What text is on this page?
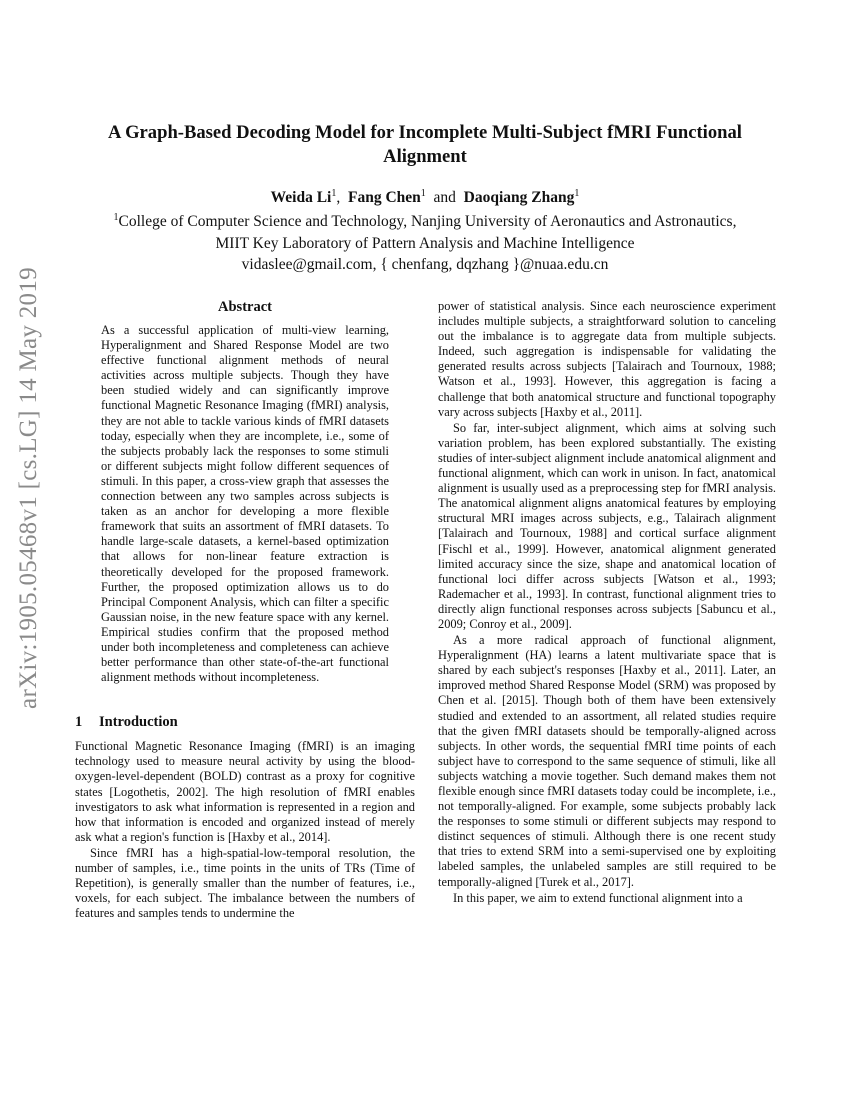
arXiv:1905.05468v1 [cs.LG] 14 May 2019
A Graph-Based Decoding Model for Incomplete Multi-Subject fMRI Functional Alignment
Weida Li$^1$,  Fang Chen$^1$  and  Daoqiang Zhang$^1$
$^1$College of Computer Science and Technology, Nanjing University of Aeronautics and Astronautics,
MIIT Key Laboratory of Pattern Analysis and Machine Intelligence
vidaslee@gmail.com, { chenfang, dqzhang }@nuaa.edu.cn
Abstract

As a successful application of multi-view learning, Hyperalignment and Shared Response Model are two effective functional alignment methods of neural activities across multiple subjects. Though they have been studied widely and can significantly improve functional Magnetic Resonance Imaging (fMRI) analysis, they are not able to tackle various kinds of fMRI datasets today, especially when they are incomplete, i.e., some of the subjects probably lack the responses to some stimuli or different subjects might follow different sequences of stimuli. In this paper, a cross-view graph that assesses the connection between any two samples across subjects is taken as an anchor for developing a more flexible framework that suits an assortment of fMRI datasets. To handle large-scale datasets, a kernel-based optimization that allows for non-linear feature extraction is theoretically developed for the proposed framework. Further, the proposed optimization allows us to do Principal Component Analysis, which can filter a specific Gaussian noise, in the new feature space with any kernel. Empirical studies confirm that the proposed method under both incompleteness and completeness can achieve better performance than other state-of-the-art functional alignment methods without incompleteness.

1 Introduction

Functional Magnetic Resonance Imaging (fMRI) is an imaging technology used to measure neural activity by using the blood-oxygen-level-dependent (BOLD) contrast as a proxy for cognitive states [Logothetis, 2002]. The high resolution of fMRI enables investigators to ask what information is represented in a region and how that information is encoded and organized instead of merely ask what a region's function is [Haxby et al., 2014].

Since fMRI has a high-spatial-low-temporal resolution, the number of samples, i.e., time points in the units of TRs (Time of Repetition), is generally smaller than the number of features, i.e., voxels, for each subject. The imbalance between the numbers of features and samples tends to undermine the

power of statistical analysis. Since each neuroscience experiment includes multiple subjects, a straightforward solution to canceling out the imbalance is to aggregate data from multiple subjects. Indeed, such aggregation is indispensable for validating the generated results across subjects [Talairach and Tournoux, 1988; Watson et al., 1993]. However, this aggregation is facing a challenge that both anatomical structure and functional topography vary across subjects [Haxby et al., 2011].

So far, inter-subject alignment, which aims at solving such variation problem, has been explored substantially. The existing studies of inter-subject alignment include anatomical alignment and functional alignment, which can work in unison. In fact, anatomical alignment is usually used as a preprocessing step for fMRI analysis. The anatomical alignment aligns anatomical features by employing structural MRI images across subjects, e.g., Talairach alignment [Talairach and Tournoux, 1988] and cortical surface alignment [Fischl et al., 1999]. However, anatomical alignment generated limited accuracy since the size, shape and anatomical location of functional loci differ across subjects [Watson et al., 1993; Rademacher et al., 1993]. In contrast, functional alignment tries to directly align functional responses across subjects [Sabuncu et al., 2009; Conroy et al., 2009].

As a more radical approach of functional alignment, Hyperalignment (HA) learns a latent multivariate space that is shared by each subject's responses [Haxby et al., 2011]. Later, an improved method Shared Response Model (SRM) was proposed by Chen et al. [2015]. Though both of them have been extensively studied and extended to an assortment, all related studies require that the given fMRI datasets should be temporally-aligned across subjects. In other words, the sequential fMRI time points of each subject have to correspond to the same sequence of stimuli, like all subjects watching a movie together. Such demand makes them not flexible enough since fMRI datasets today could be incomplete, i.e., not temporally-aligned. For example, some subjects probably lack the responses to some stimuli or different subjects may respond to distinct sequences of stimuli. Although there is one recent study that tries to extend SRM into a semi-supervised one by exploiting labeled samples, the unlabeled samples are still required to be temporally-aligned [Turek et al., 2017].

In this paper, we aim to extend functional alignment into a
